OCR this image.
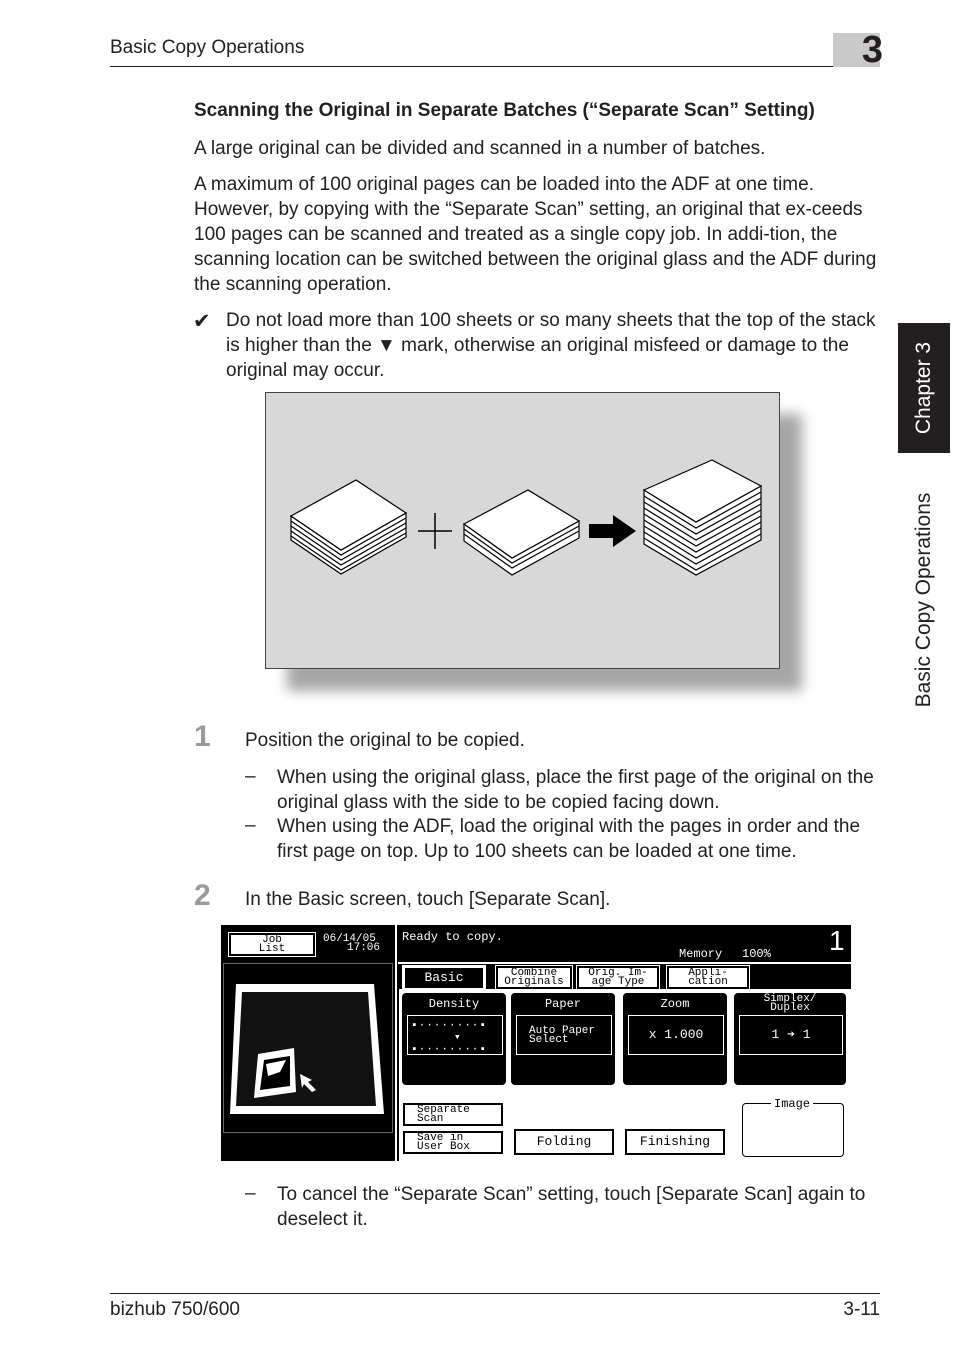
Basic Copy Operations	3
Chapter 3
Basic Copy Operations
Scanning the Original in Separate Batches (“Separate Scan” Setting)
A large original can be divided and scanned in a number of batches.
A maximum of 100 original pages can be loaded into the ADF at one time. However, by copying with the “Separate Scan” setting, an original that ex-ceeds 100 pages can be scanned and treated as a single copy job. In addi-tion, the scanning location can be switched between the original glass and the ADF during the scanning operation.
✔ Do not load more than 100 sheets or so many sheets that the top of the stack is higher than the ▼ mark, otherwise an original misfeed or damage to the original may occur.
1 Position the original to be copied.
– When using the original glass, place the first page of the original on the original glass with the side to be copied facing down.
– When using the ADF, load the original with the pages in order and the first page on top. Up to 100 sheets can be loaded at one time.
2 In the Basic screen, touch [Separate Scan].
Job
List
06/14/05
17:06
Ready to copy.
Memory 100% 1
Basic	Combine
Originals
Orig. Im-
age Type
Appli-
cation
Density
▪········▪
▾
▪········▪
Paper
Auto Paper
Select
Zoom
x 1.000
Simplex/
Duplex
1 ➔ 1
Separate
Scan
Save in
User Box	Folding	Finishing
Image
– To cancel the “Separate Scan” setting, touch [Separate Scan] again to deselect it.
bizhub 750/600	3-11
